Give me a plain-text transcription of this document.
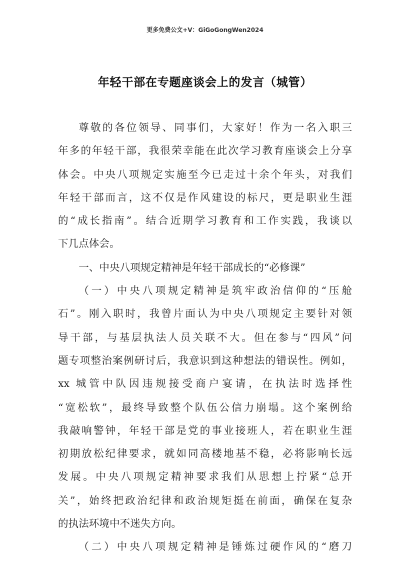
更多免费公文+V：GiGoGongWen2024
年轻干部在专题座谈会上的发言（城管）
尊敬的各位领导、同事们，大家好！作为一名入职三
年多的年轻干部，我很荣幸能在此次学习教育座谈会上分享
体会。中央八项规定实施至今已走过十余个年头，对我们
年轻干部而言，这不仅是作风建设的标尺，更是职业生涯
的“成长指南”。结合近期学习教育和工作实践，我谈以
下几点体会。
一、中央八项规定精神是年轻干部成长的“必修课”
（一）中央八项规定精神是筑牢政治信仰的“压舱
石”。刚入职时，我曾片面认为中央八项规定主要针对领
导干部，与基层执法人员关联不大。但在参与“四风”问
题专项整治案例研讨后，我意识到这种想法的错误性。例如，
xx 城管中队因违规接受商户宴请，在执法时选择性
“宽松软”，最终导致整个队伍公信力崩塌。这个案例给
我敲响警钟，年轻干部是党的事业接班人，若在职业生涯
初期放松纪律要求，就如同高楼地基不稳，必将影响长远
发展。中央八项规定精神要求我们从思想上拧紧“总开
关”，始终把政治纪律和政治规矩挺在前面，确保在复杂
的执法环境中不迷失方向。
（二）中央八项规定精神是锤炼过硬作风的“磨刀
